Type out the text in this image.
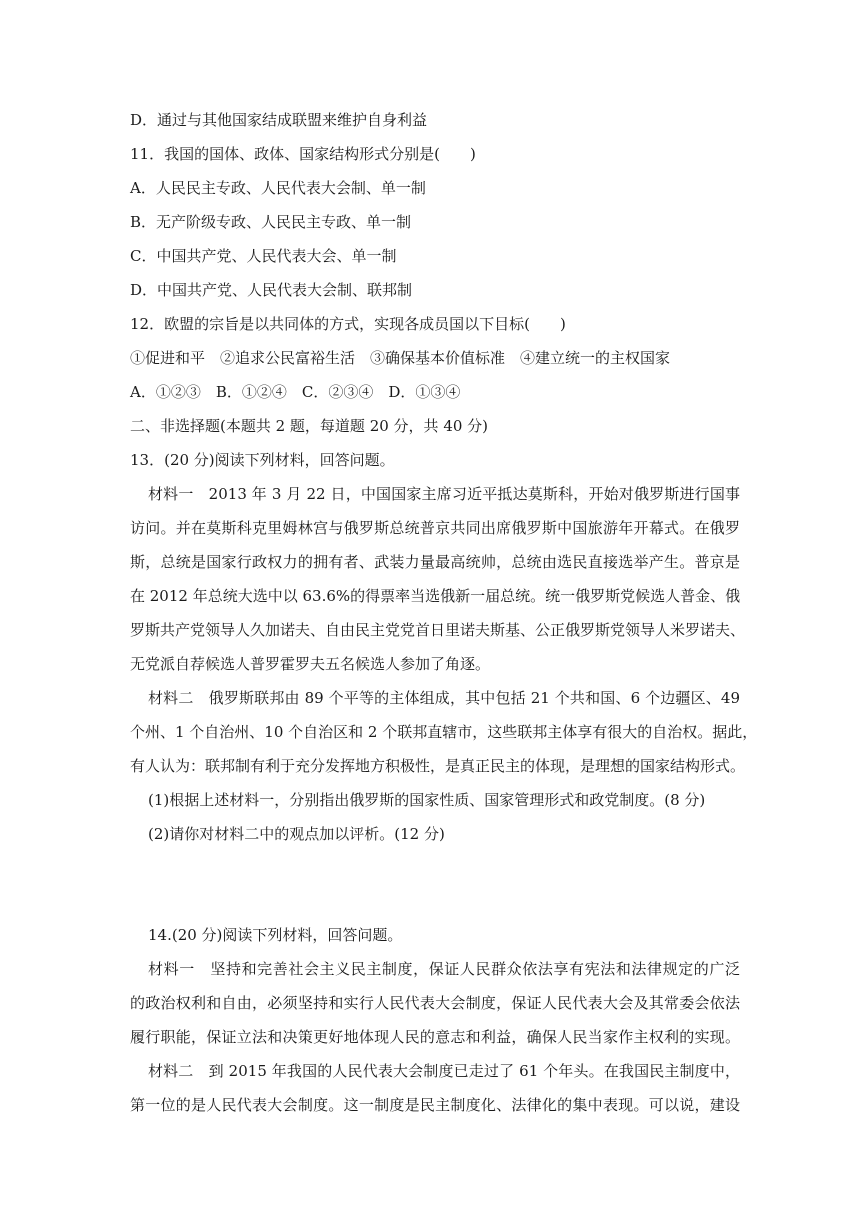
D．通过与其他国家结成联盟来维护自身利益
11．我国的国体、政体、国家结构形式分别是(　　)
A．人民民主专政、人民代表大会制、单一制
B．无产阶级专政、人民民主专政、单一制
C．中国共产党、人民代表大会、单一制
D．中国共产党、人民代表大会制、联邦制
12．欧盟的宗旨是以共同体的方式，实现各成员国以下目标(　　)
①促进和平　②追求公民富裕生活　③确保基本价值标准　④建立统一的主权国家
A．①②③　B．①②④　C．②③④　D．①③④
二、非选择题(本题共 2 题，每道题 20 分，共 40 分)
13．(20 分)阅读下列材料，回答问题。
材料一　2013 年 3 月 22 日，中国国家主席习近平抵达莫斯科，开始对俄罗斯进行国事
访问。并在莫斯科克里姆林宫与俄罗斯总统普京共同出席俄罗斯中国旅游年开幕式。在俄罗
斯，总统是国家行政权力的拥有者、武装力量最高统帅，总统由选民直接选举产生。普京是
在 2012 年总统大选中以 63.6%的得票率当选俄新一届总统。统一俄罗斯党候选人普金、俄
罗斯共产党领导人久加诺夫、自由民主党党首日里诺夫斯基、公正俄罗斯党领导人米罗诺夫、
无党派自荐候选人普罗霍罗夫五名候选人参加了角逐。
材料二　俄罗斯联邦由 89 个平等的主体组成，其中包括 21 个共和国、6 个边疆区、49
个州、1 个自治州、10 个自治区和 2 个联邦直辖市，这些联邦主体享有很大的自治权。据此，
有人认为：联邦制有利于充分发挥地方积极性，是真正民主的体现，是理想的国家结构形式。
(1)根据上述材料一，分别指出俄罗斯的国家性质、国家管理形式和政党制度。(8 分)
(2)请你对材料二中的观点加以评析。(12 分)
14.(20 分)阅读下列材料，回答问题。
材料一　坚持和完善社会主义民主制度，保证人民群众依法享有宪法和法律规定的广泛
的政治权利和自由，必须坚持和实行人民代表大会制度，保证人民代表大会及其常委会依法
履行职能，保证立法和决策更好地体现人民的意志和利益，确保人民当家作主权利的实现。
材料二　到 2015 年我国的人民代表大会制度已走过了 61 个年头。在我国民主制度中，
第一位的是人民代表大会制度。这一制度是民主制度化、法律化的集中表现。可以说，建设
